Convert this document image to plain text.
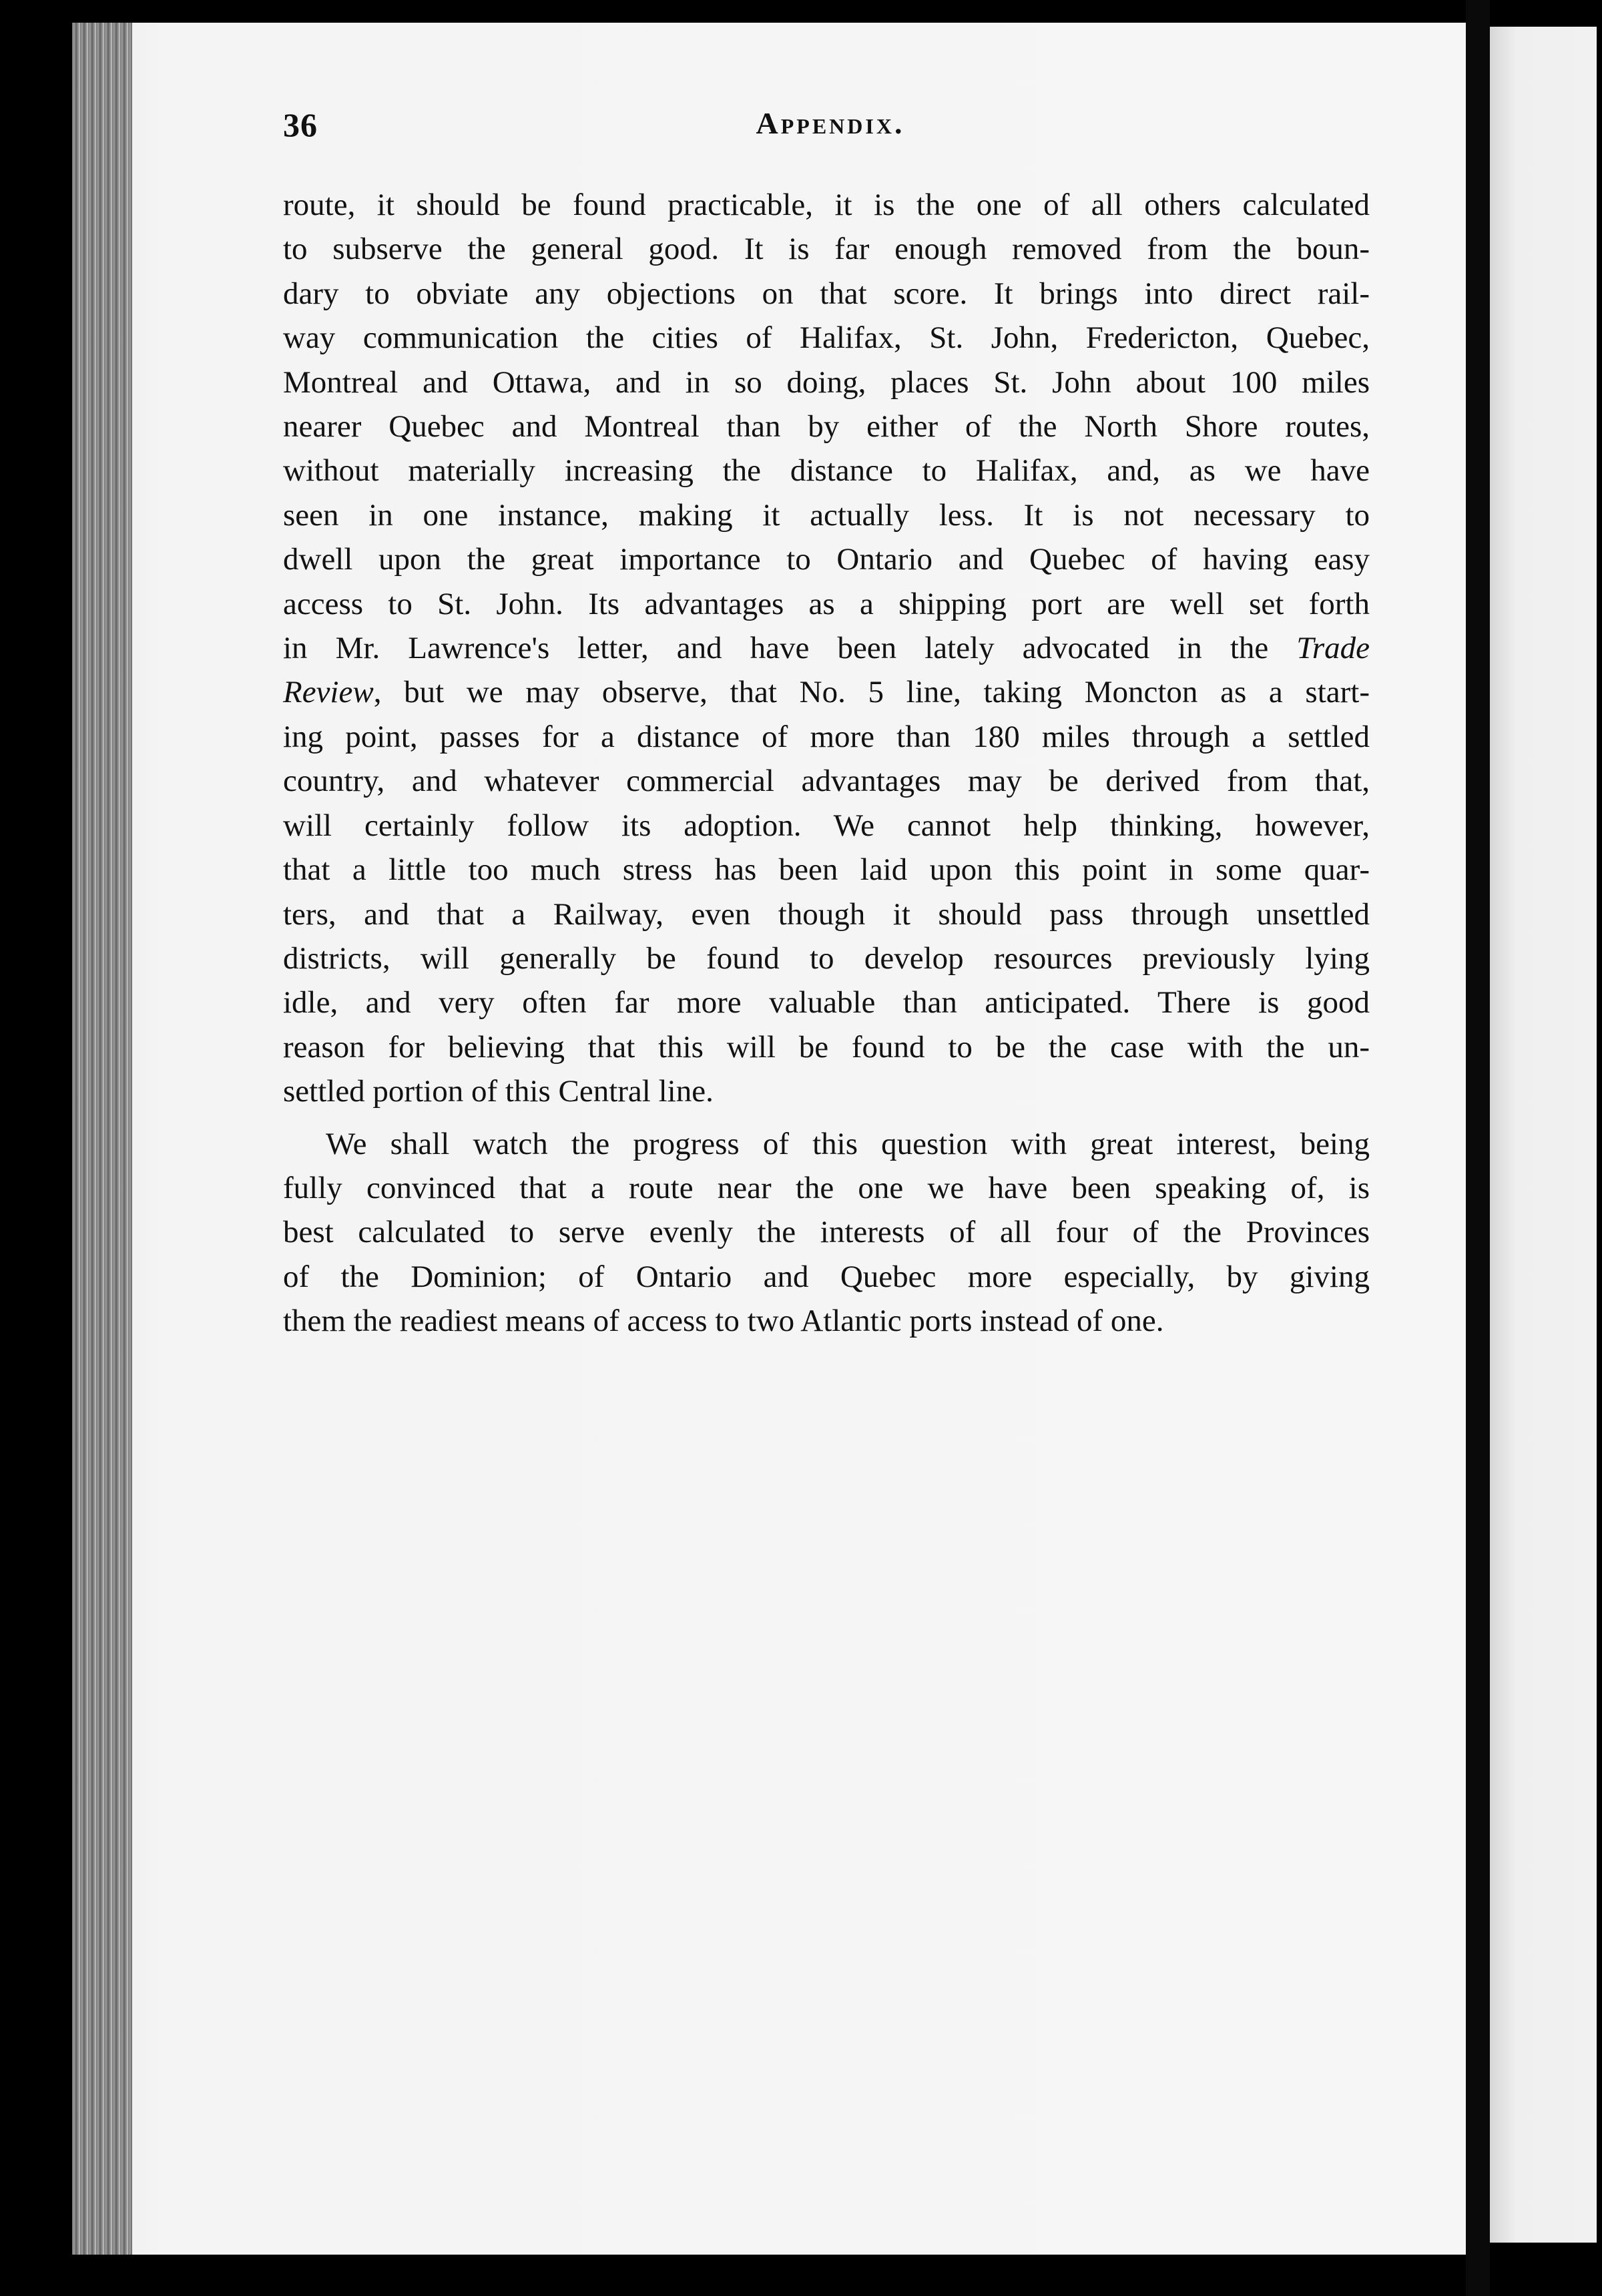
36	Appendix.
route, it should be found practicable, it is the one of all others calculated
to subserve the general good. It is far enough removed from the boun-
dary to obviate any objections on that score. It brings into direct rail-
way communication the cities of Halifax, St. John, Fredericton, Quebec,
Montreal and Ottawa, and in so doing, places St. John about 100 miles
nearer Quebec and Montreal than by either of the North Shore routes,
without materially increasing the distance to Halifax, and, as we have
seen in one instance, making it actually less. It is not necessary to
dwell upon the great importance to Ontario and Quebec of having easy
access to St. John. Its advantages as a shipping port are well set forth
in Mr. Lawrence's letter, and have been lately advocated in the Trade
Review, but we may observe, that No. 5 line, taking Moncton as a start-
ing point, passes for a distance of more than 180 miles through a settled
country, and whatever commercial advantages may be derived from that,
will certainly follow its adoption. We cannot help thinking, however,
that a little too much stress has been laid upon this point in some quar-
ters, and that a Railway, even though it should pass through unsettled
districts, will generally be found to develop resources previously lying
idle, and very often far more valuable than anticipated. There is good
reason for believing that this will be found to be the case with the un-
settled portion of this Central line.
We shall watch the progress of this question with great interest, being
fully convinced that a route near the one we have been speaking of, is
best calculated to serve evenly the interests of all four of the Provinces
of the Dominion; of Ontario and Quebec more especially, by giving
them the readiest means of access to two Atlantic ports instead of one.
